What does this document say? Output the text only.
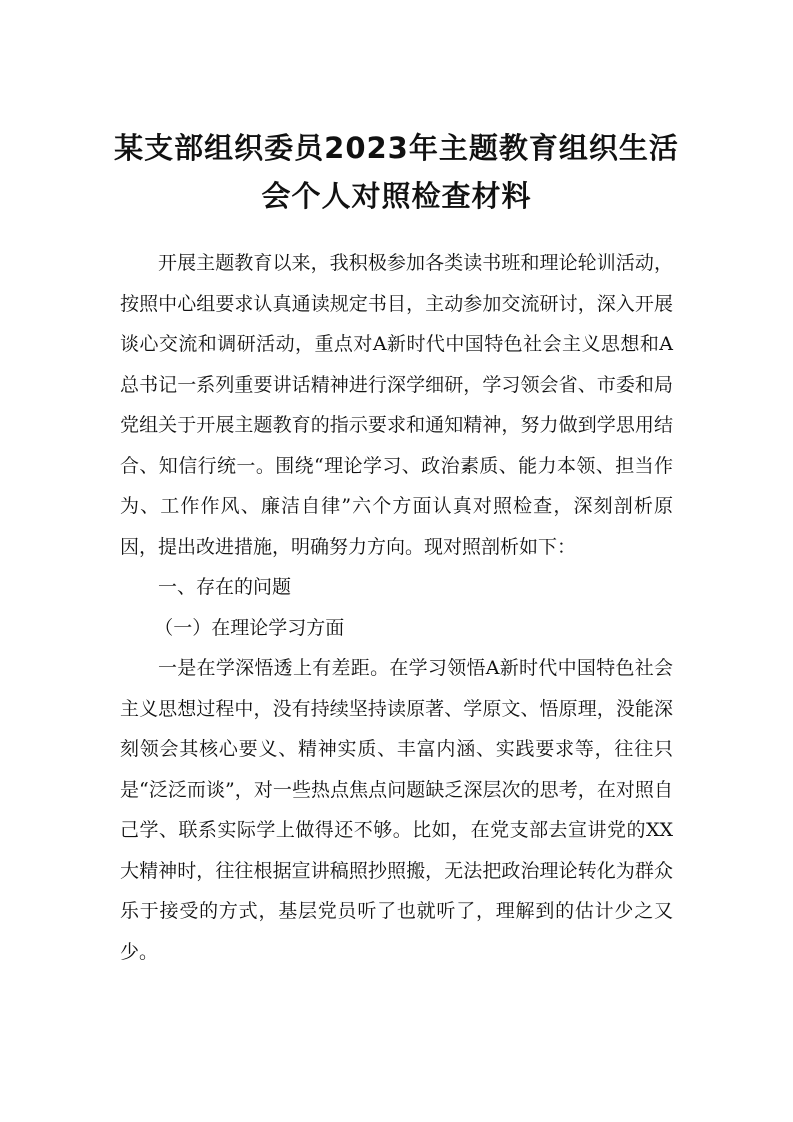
某支部组织委员2023年主题教育组织生活
会个人对照检查材料

开展主题教育以来，我积极参加各类读书班和理论轮训活动，按照中心组要求认真通读规定书目，主动参加交流研讨，深入开展谈心交流和调研活动，重点对A新时代中国特色社会主义思想和A总书记一系列重要讲话精神进行深学细研，学习领会省、市委和局党组关于开展主题教育的指示要求和通知精神，努力做到学思用结合、知信行统一。围绕“理论学习、政治素质、能力本领、担当作为、工作作风、廉洁自律”六个方面认真对照检查，深刻剖析原因，提出改进措施，明确努力方向。现对照剖析如下：

一、存在的问题

（一）在理论学习方面

一是在学深悟透上有差距。在学习领悟A新时代中国特色社会主义思想过程中，没有持续坚持读原著、学原文、悟原理，没能深刻领会其核心要义、精神实质、丰富内涵、实践要求等，往往只是“泛泛而谈”，对一些热点焦点问题缺乏深层次的思考，在对照自己学、联系实际学上做得还不够。比如，在党支部去宣讲党的XX大精神时，往往根据宣讲稿照抄照搬，无法把政治理论转化为群众乐于接受的方式，基层党员听了也就听了，理解到的估计少之又少。
